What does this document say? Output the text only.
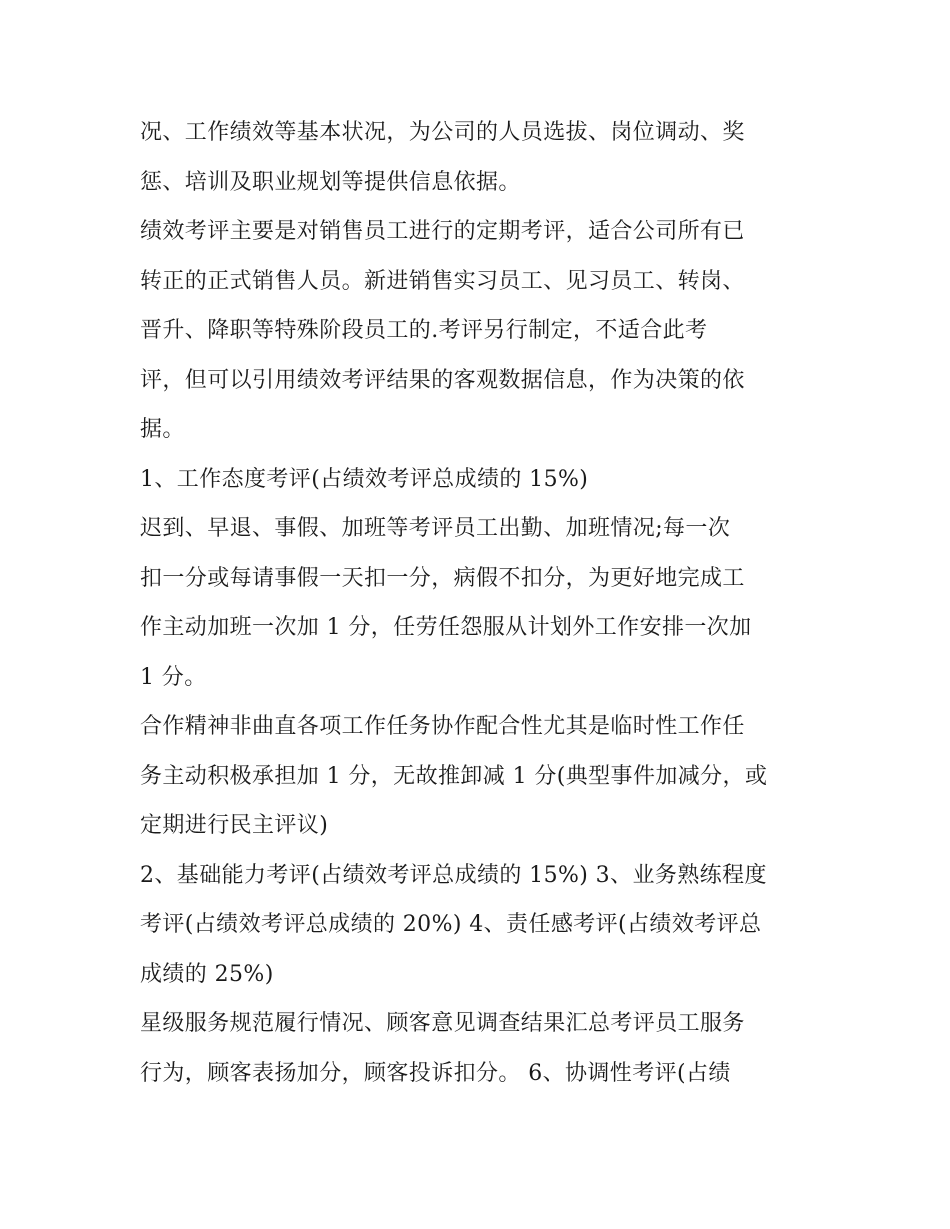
况、工作绩效等基本状况，为公司的人员选拔、岗位调动、奖
惩、培训及职业规划等提供信息依据。
绩效考评主要是对销售员工进行的定期考评，适合公司所有已
转正的正式销售人员。新进销售实习员工、见习员工、转岗、
晋升、降职等特殊阶段员工的.考评另行制定，不适合此考
评，但可以引用绩效考评结果的客观数据信息，作为决策的依
据。
1、工作态度考评(占绩效考评总成绩的 15%)
迟到、早退、事假、加班等考评员工出勤、加班情况;每一次
扣一分或每请事假一天扣一分，病假不扣分，为更好地完成工
作主动加班一次加 1 分，任劳任怨服从计划外工作安排一次加
1 分。
合作精神非曲直各项工作任务协作配合性尤其是临时性工作任
务主动积极承担加 1 分，无故推卸减 1 分(典型事件加减分，或
定期进行民主评议)
2、基础能力考评(占绩效考评总成绩的 15%) 3、业务熟练程度
考评(占绩效考评总成绩的 20%) 4、责任感考评(占绩效考评总
成绩的 25%)
星级服务规范履行情况、顾客意见调查结果汇总考评员工服务
行为，顾客表扬加分，顾客投诉扣分。 6、协调性考评(占绩
